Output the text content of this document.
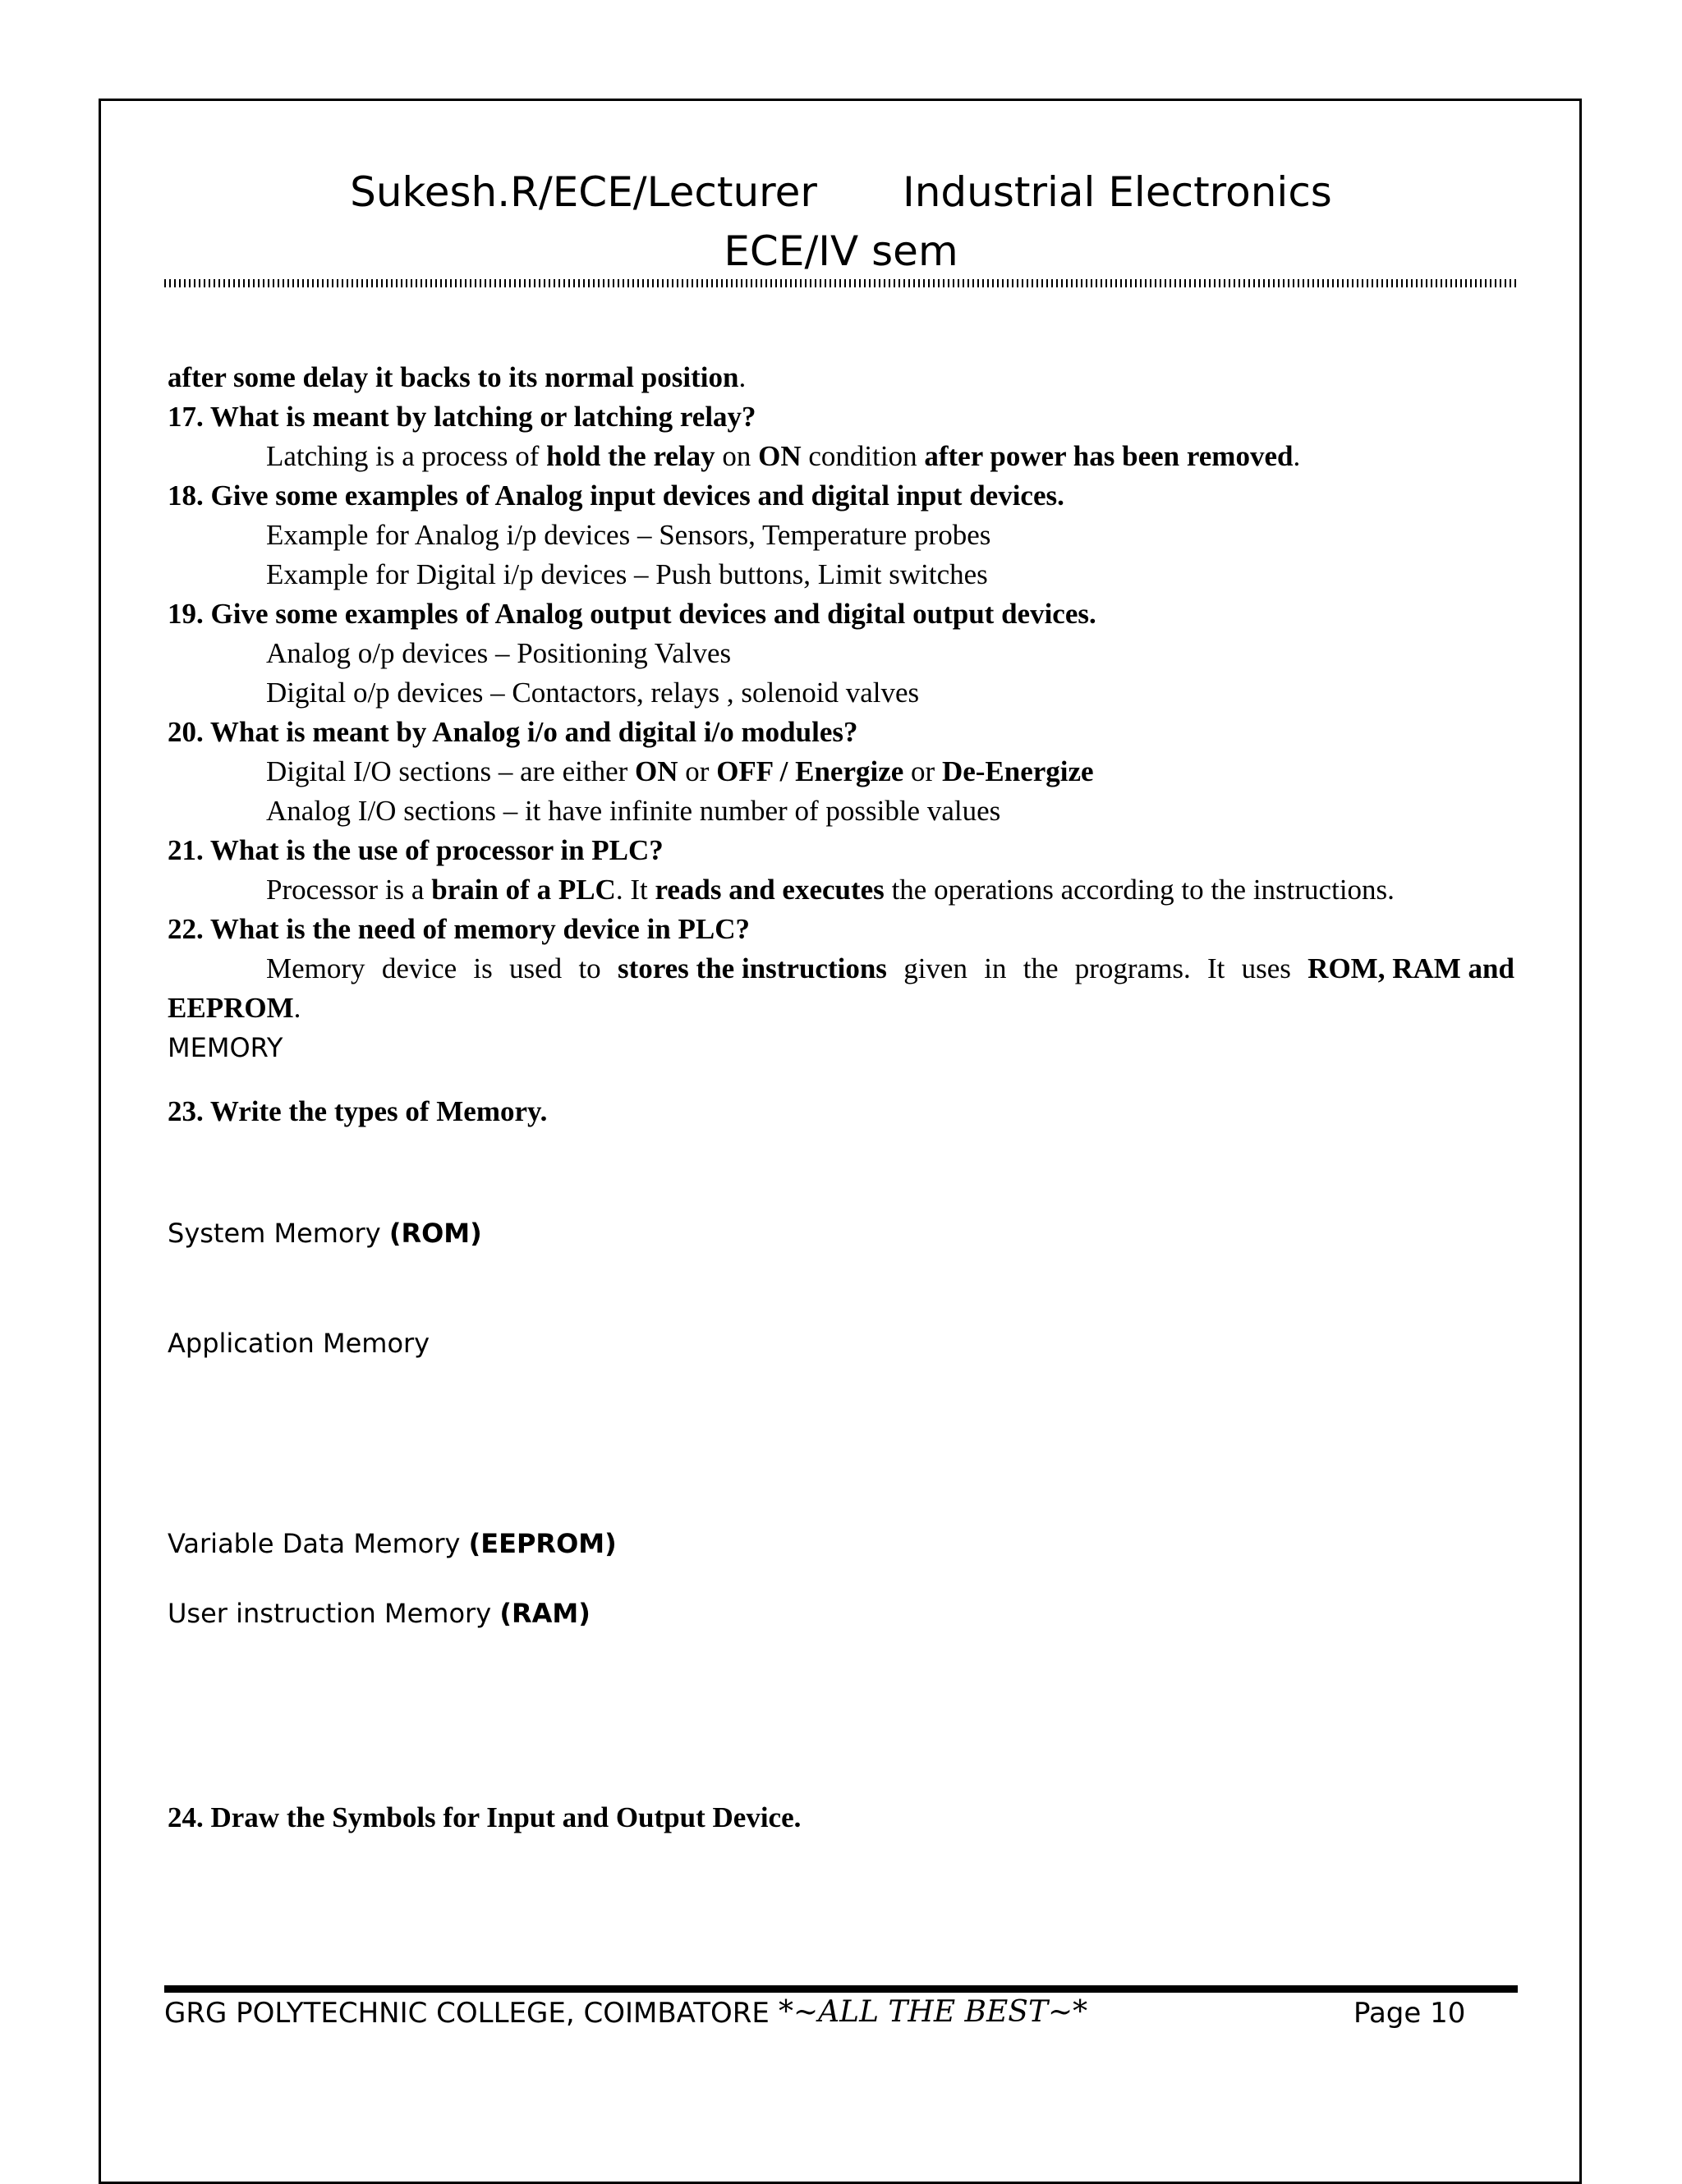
Sukesh.R/ECE/Lecturer Industrial Electronics
ECE/IV sem
after some delay it backs to its normal position.
17. What is meant by latching or latching relay?
Latching is a process of hold the relay on ON condition after power has been removed.
18. Give some examples of Analog input devices and digital input devices.
Example for Analog i/p devices – Sensors, Temperature probes
Example for Digital i/p devices – Push buttons, Limit switches
19. Give some examples of Analog output devices and digital output devices.
Analog o/p devices – Positioning Valves
Digital o/p devices – Contactors, relays , solenoid valves
20. What is meant by Analog i/o and digital i/o modules?
Digital I/O sections – are either ON or OFF / Energize or De-Energize
Analog I/O sections – it have infinite number of possible values
21. What is the use of processor in PLC?
Processor is a brain of a PLC. It reads and executes the operations according to the instructions.
22. What is the need of memory device in PLC?
Memory device is used to stores the instructions given in the programs. It uses ROM, RAM and
EEPROM.
MEMORY
23. Write the types of Memory.
System Memory (ROM)
Application Memory
Variable Data Memory (EEPROM)
User instruction Memory (RAM)
24. Draw the Symbols for Input and Output Device.
GRG POLYTECHNIC COLLEGE, COIMBATORE *~ALL THE BEST~*	Page 10
